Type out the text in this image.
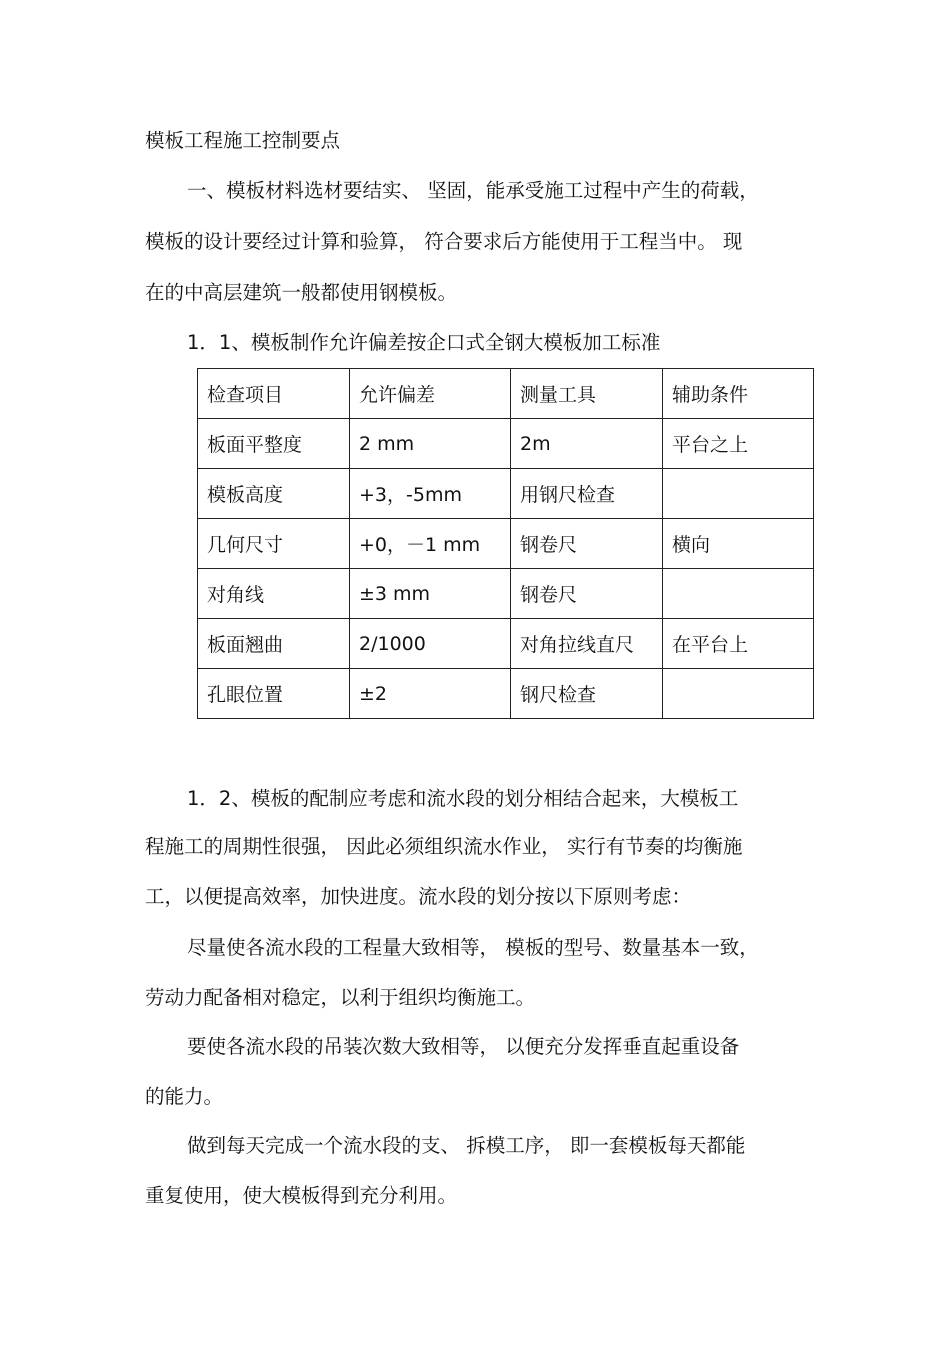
模板工程施工控制要点
一、模板材料选材要结实、 坚固，能承受施工过程中产生的荷载，
模板的设计要经过计算和验算， 符合要求后方能使用于工程当中。 现
在的中高层建筑一般都使用钢模板。
1．1、模板制作允许偏差按企口式全钢大模板加工标准
检查项目	允许偏差	测量工具	辅助条件
板面平整度	2 mm	2m	平台之上
模板高度	+3，-5mm	用钢尺检查	
几何尺寸	+0，－1 mm	钢卷尺	横向
对角线	±3 mm	钢卷尺	
板面翘曲	2/1000	对角拉线直尺	在平台上
孔眼位置	±2	钢尺检查	
1．2、模板的配制应考虑和流水段的划分相结合起来，大模板工
程施工的周期性很强， 因此必须组织流水作业， 实行有节奏的均衡施
工，以便提高效率，加快进度。流水段的划分按以下原则考虑：
尽量使各流水段的工程量大致相等， 模板的型号、数量基本一致，
劳动力配备相对稳定，以利于组织均衡施工。
要使各流水段的吊装次数大致相等， 以便充分发挥垂直起重设备
的能力。
做到每天完成一个流水段的支、 拆模工序， 即一套模板每天都能
重复使用，使大模板得到充分利用。
